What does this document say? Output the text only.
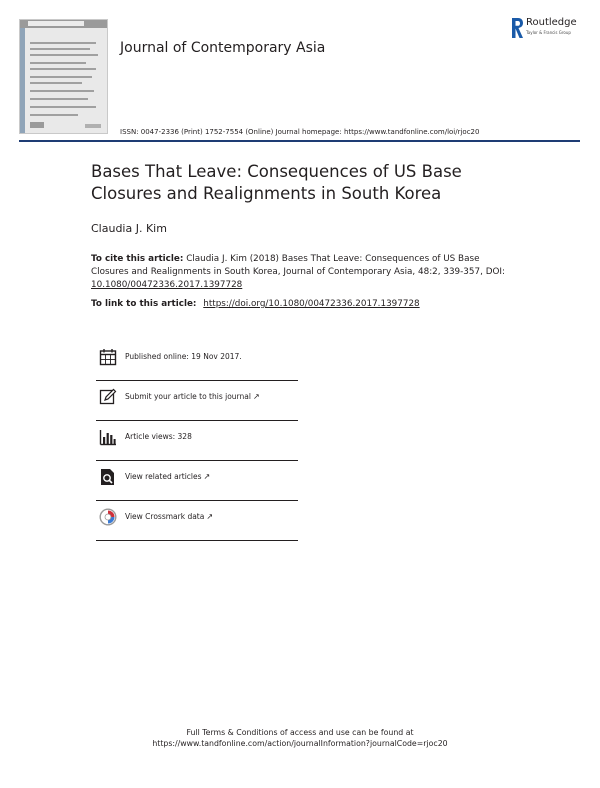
Journal of Contemporary Asia
Routledge
Taylor & Francis Group
ISSN: 0047-2336 (Print) 1752-7554 (Online) Journal homepage: https://www.tandfonline.com/loi/rjoc20
Bases That Leave: Consequences of US Base Closures and Realignments in South Korea
Claudia J. Kim
To cite this article: Claudia J. Kim (2018) Bases That Leave: Consequences of US Base Closures and Realignments in South Korea, Journal of Contemporary Asia, 48:2, 339-357, DOI: 10.1080/00472336.2017.1397728
To link to this article: https://doi.org/10.1080/00472336.2017.1397728
Published online: 19 Nov 2017.
Submit your article to this journal ↗
Article views: 328
View related articles ↗
View Crossmark data ↗
Full Terms & Conditions of access and use can be found at
https://www.tandfonline.com/action/journalInformation?journalCode=rjoc20
